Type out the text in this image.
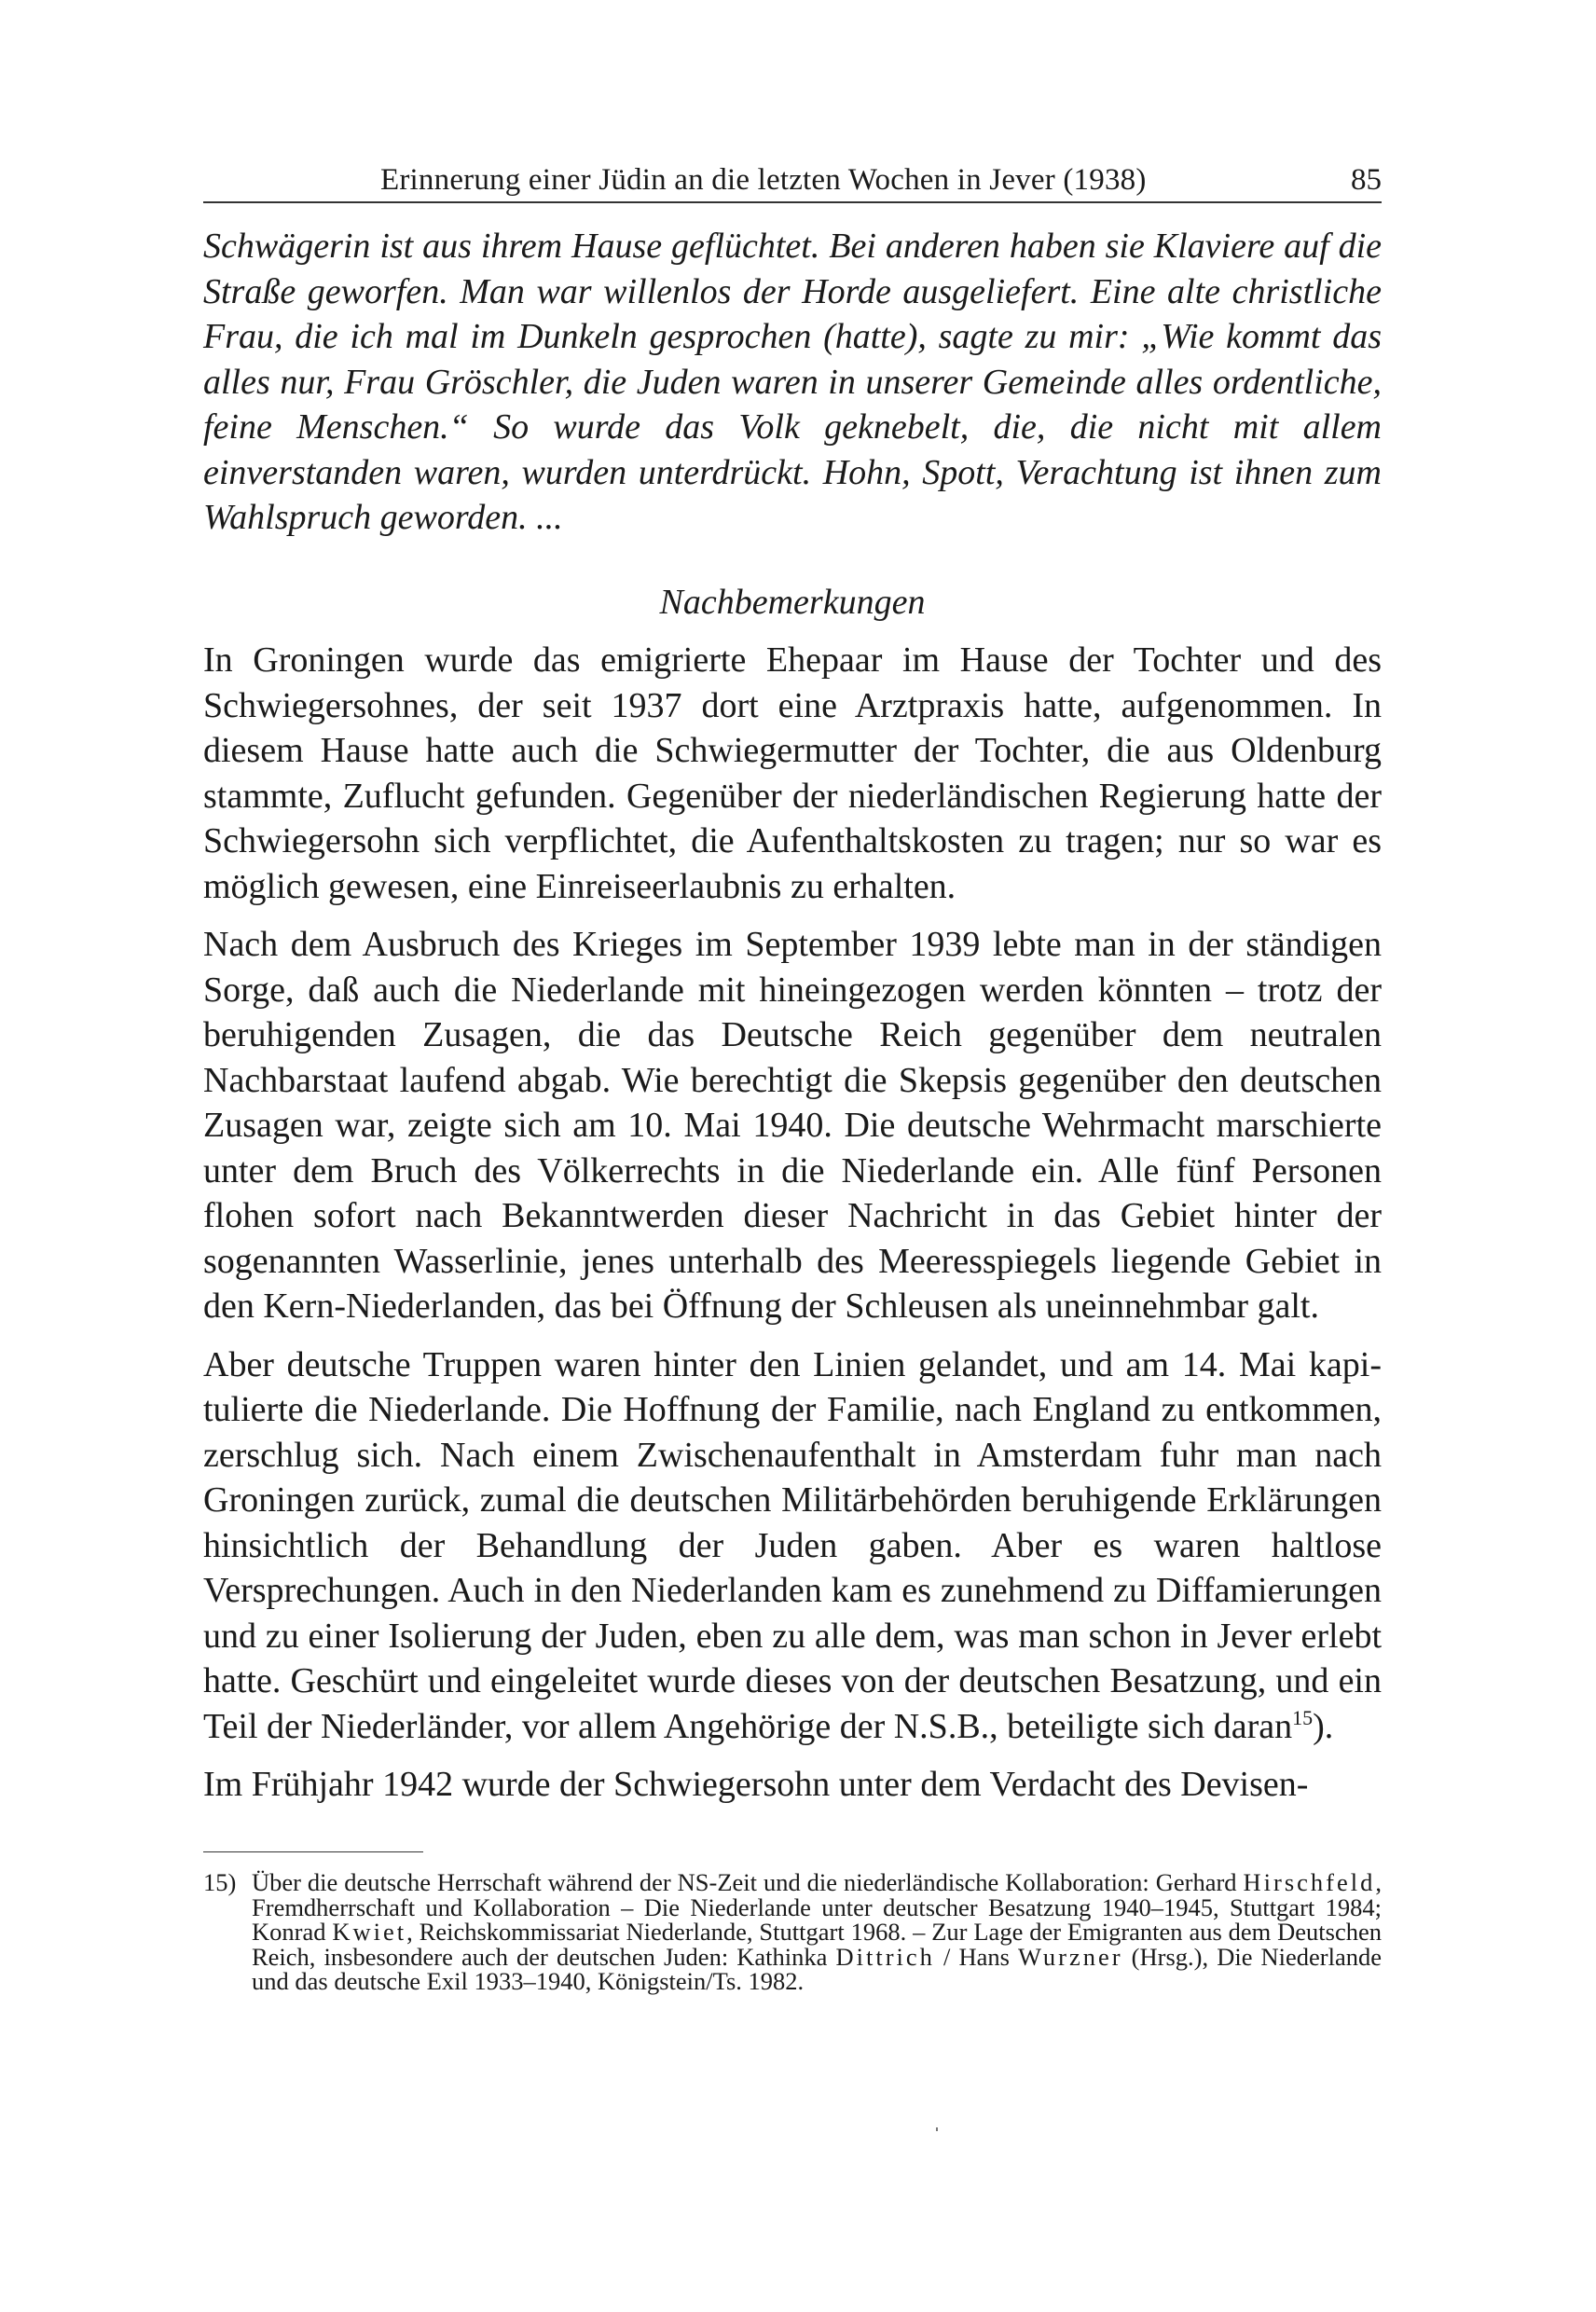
Erinnerung einer Jüdin an die letzten Wochen in Jever (1938)	85

Schwägerin ist aus ihrem Hause geflüchtet. Bei anderen haben sie Klaviere auf die Straße geworfen. Man war willenlos der Horde ausgeliefert. Eine alte christliche Frau, die ich mal im Dunkeln gesprochen (hatte), sagte zu mir: „Wie kommt das alles nur, Frau Gröschler, die Juden waren in unserer Gemeinde alles ordentliche, feine Menschen.“ So wurde das Volk geknebelt, die, die nicht mit allem einverstanden waren, wurden unterdrückt. Hohn, Spott, Verachtung ist ihnen zum Wahlspruch geworden. ...

Nachbemerkungen

In Groningen wurde das emigrierte Ehepaar im Hause der Tochter und des Schwiegersohnes, der seit 1937 dort eine Arztpraxis hatte, aufgenommen. In diesem Hause hatte auch die Schwiegermutter der Tochter, die aus Oldenburg stammte, Zuflucht gefunden. Gegenüber der niederländischen Regierung hatte der Schwiegersohn sich verpflichtet, die Aufenthaltskosten zu tragen; nur so war es möglich gewesen, eine Einreiseerlaubnis zu erhalten.

Nach dem Ausbruch des Krieges im September 1939 lebte man in der ständigen Sorge, daß auch die Niederlande mit hineingezogen werden könnten – trotz der beruhigenden Zusagen, die das Deutsche Reich gegenüber dem neutralen Nachbarstaat laufend abgab. Wie berechtigt die Skepsis gegenüber den deutschen Zusagen war, zeigte sich am 10. Mai 1940. Die deutsche Wehrmacht marschierte unter dem Bruch des Völkerrechts in die Niederlande ein. Alle fünf Personen flohen sofort nach Bekanntwerden dieser Nachricht in das Gebiet hinter der sogenannten Wasserlinie, jenes unterhalb des Meeresspiegels liegende Gebiet in den Kern-Niederlanden, das bei Öffnung der Schleusen als uneinnehmbar galt.

Aber deutsche Truppen waren hinter den Linien gelandet, und am 14. Mai kapitulierte die Niederlande. Die Hoffnung der Familie, nach England zu entkommen, zerschlug sich. Nach einem Zwischenaufenthalt in Amsterdam fuhr man nach Groningen zurück, zumal die deutschen Militärbehörden beruhigende Erklärungen hinsichtlich der Behandlung der Juden gaben. Aber es waren haltlose Versprechungen. Auch in den Niederlanden kam es zunehmend zu Diffamierungen und zu einer Isolierung der Juden, eben zu alle dem, was man schon in Jever erlebt hatte. Geschürt und eingeleitet wurde dieses von der deutschen Besatzung, und ein Teil der Niederländer, vor allem Angehörige der N.S.B., beteiligte sich daran$^{15}$).

Im Frühjahr 1942 wurde der Schwiegersohn unter dem Verdacht des Devisen-

15) Über die deutsche Herrschaft während der NS-Zeit und die niederländische Kollaboration: Gerhard Hirschfeld, Fremdherrschaft und Kollaboration – Die Niederlande unter deutscher Besatzung 1940–1945, Stuttgart 1984; Konrad Kwiet, Reichskommissariat Niederlande, Stuttgart 1968. – Zur Lage der Emigranten aus dem Deutschen Reich, insbesondere auch der deutschen Juden: Kathinka Dittrich / Hans Wurzner (Hrsg.), Die Niederlande und das deutsche Exil 1933–1940, Königstein/Ts. 1982.
